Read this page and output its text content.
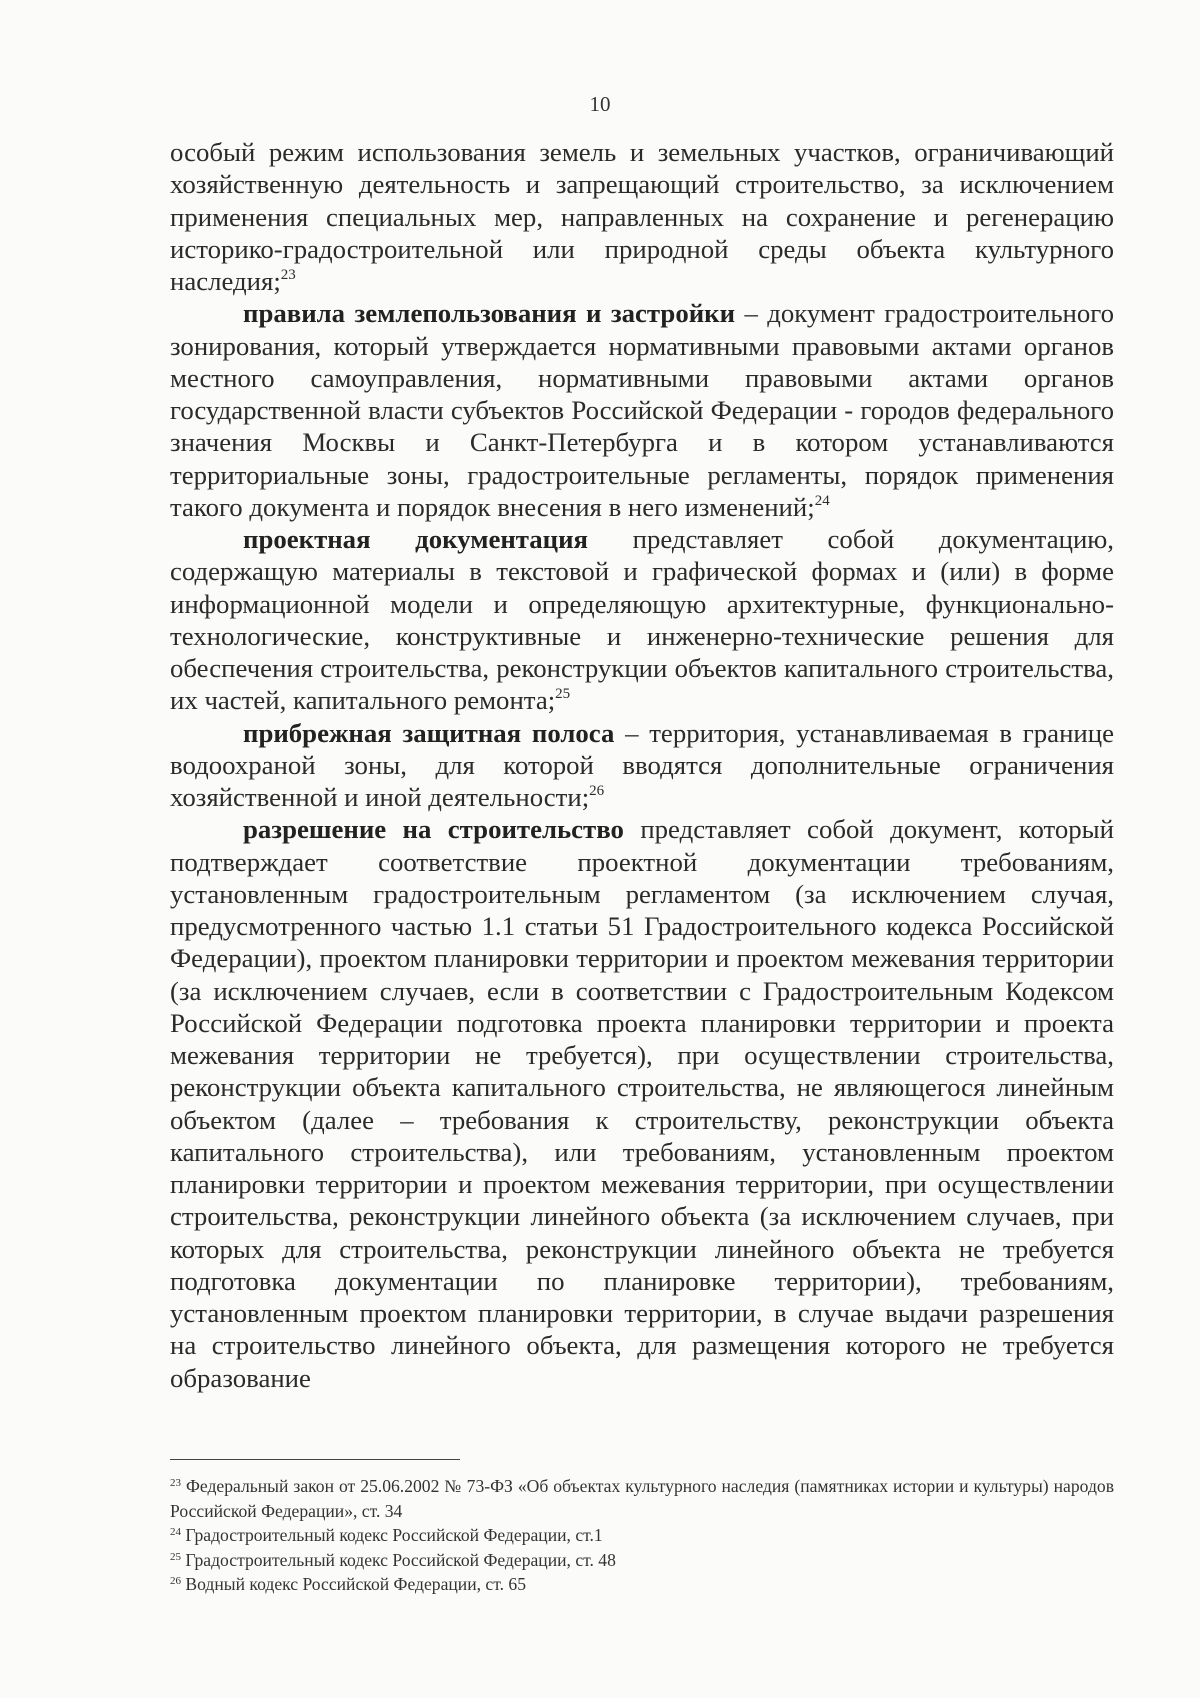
10

особый режим использования земель и земельных участков, ограничивающий хозяйственную деятельность и запрещающий строительство, за исключением применения специальных мер, направленных на сохранение и регенерацию историко-градостроительной или природной среды объекта культурного наследия;$^{23}$

правила землепользования и застройки – документ градостроительного зонирования, который утверждается нормативными правовыми актами органов местного самоуправления, нормативными правовыми актами органов государственной власти субъектов Российской Федерации - городов федерального значения Москвы и Санкт-Петербурга и в котором устанавливаются территориальные зоны, градостроительные регламенты, порядок применения такого документа и порядок внесения в него изменений;$^{24}$

проектная документация представляет собой документацию, содержащую материалы в текстовой и графической формах и (или) в форме информационной модели и определяющую архитектурные, функционально-технологические, конструктивные и инженерно-технические решения для обеспечения строительства, реконструкции объектов капитального строительства, их частей, капитального ремонта;$^{25}$

прибрежная защитная полоса – территория, устанавливаемая в границе водоохраной зоны, для которой вводятся дополнительные ограничения хозяйственной и иной деятельности;$^{26}$

разрешение на строительство представляет собой документ, который подтверждает соответствие проектной документации требованиям, установленным градостроительным регламентом (за исключением случая, предусмотренного частью 1.1 статьи 51 Градостроительного кодекса Российской Федерации), проектом планировки территории и проектом межевания территории (за исключением случаев, если в соответствии с Градостроительным Кодексом Российской Федерации подготовка проекта планировки территории и проекта межевания территории не требуется), при осуществлении строительства, реконструкции объекта капитального строительства, не являющегося линейным объектом (далее – требования к строительству, реконструкции объекта капитального строительства), или требованиям, установленным проектом планировки территории и проектом межевания территории, при осуществлении строительства, реконструкции линейного объекта (за исключением случаев, при которых для строительства, реконструкции линейного объекта не требуется подготовка документации по планировке территории), требованиям, установленным проектом планировки территории, в случае выдачи разрешения на строительство линейного объекта, для размещения которого не требуется образование

$^{23}$ Федеральный закон от 25.06.2002 № 73-ФЗ «Об объектах культурного наследия (памятниках истории и культуры) народов Российской Федерации», ст. 34

$^{24}$ Градостроительный кодекс Российской Федерации, ст.1

$^{25}$ Градостроительный кодекс Российской Федерации, ст. 48

$^{26}$ Водный кодекс Российской Федерации, ст. 65
